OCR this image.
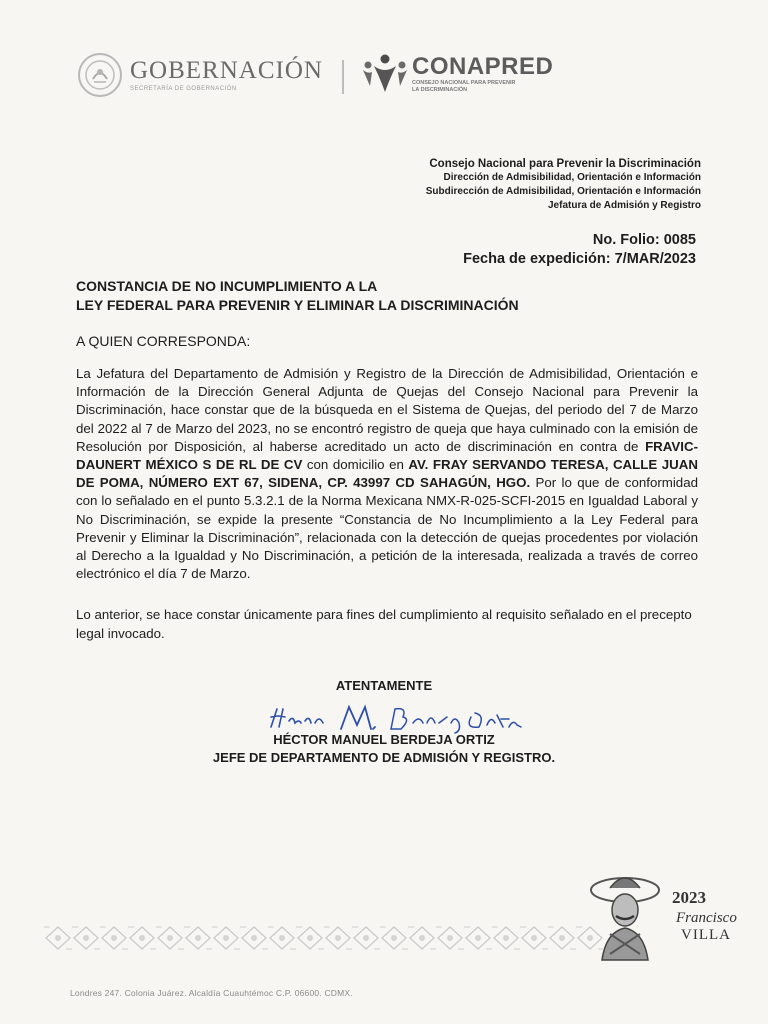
GOBERNACIÓN
SECRETARÍA DE GOBERNACIÓN
CONAPRED
CONSEJO NACIONAL PARA PREVENIR
LA DISCRIMINACIÓN
Consejo Nacional para Prevenir la Discriminación
Dirección de Admisibilidad, Orientación e Información
Subdirección de Admisibilidad, Orientación e Información
Jefatura de Admisión y Registro
No. Folio: 0085
Fecha de expedición: 7/MAR/2023
CONSTANCIA DE NO INCUMPLIMIENTO A LA
LEY FEDERAL PARA PREVENIR Y ELIMINAR LA DISCRIMINACIÓN
A QUIEN CORRESPONDA:
La Jefatura del Departamento de Admisión y Registro de la Dirección de Admisibilidad, Orientación e Información de la Dirección General Adjunta de Quejas del Consejo Nacional para Prevenir la Discriminación, hace constar que de la búsqueda en el Sistema de Quejas, del periodo del 7 de Marzo del 2022 al 7 de Marzo del 2023, no se encontró registro de queja que haya culminado con la emisión de Resolución por Disposición, al haberse acreditado un acto de discriminación en contra de FRAVIC-DAUNERT MÉXICO S DE RL DE CV con domicilio en AV. FRAY SERVANDO TERESA, CALLE JUAN DE POMA, NÚMERO EXT 67, SIDENA, CP. 43997 CD SAHAGÚN, HGO. Por lo que de conformidad con lo señalado en el punto 5.3.2.1 de la Norma Mexicana NMX-R-025-SCFI-2015 en Igualdad Laboral y No Discriminación, se expide la presente “Constancia de No Incumplimiento a la Ley Federal para Prevenir y Eliminar la Discriminación”, relacionada con la detección de quejas procedentes por violación al Derecho a la Igualdad y No Discriminación, a petición de la interesada, realizada a través de correo electrónico el día 7 de Marzo.
Lo anterior, se hace constar únicamente para fines del cumplimiento al requisito señalado en el precepto legal invocado.
ATENTAMENTE
HÉCTOR MANUEL BERDEJA ORTIZ
JEFE DE DEPARTAMENTO DE ADMISIÓN Y REGISTRO.
2023
Francisco
VILLA
Londres 247. Colonia Juárez. Alcaldía Cuauhtémoc C.P. 06600. CDMX.
